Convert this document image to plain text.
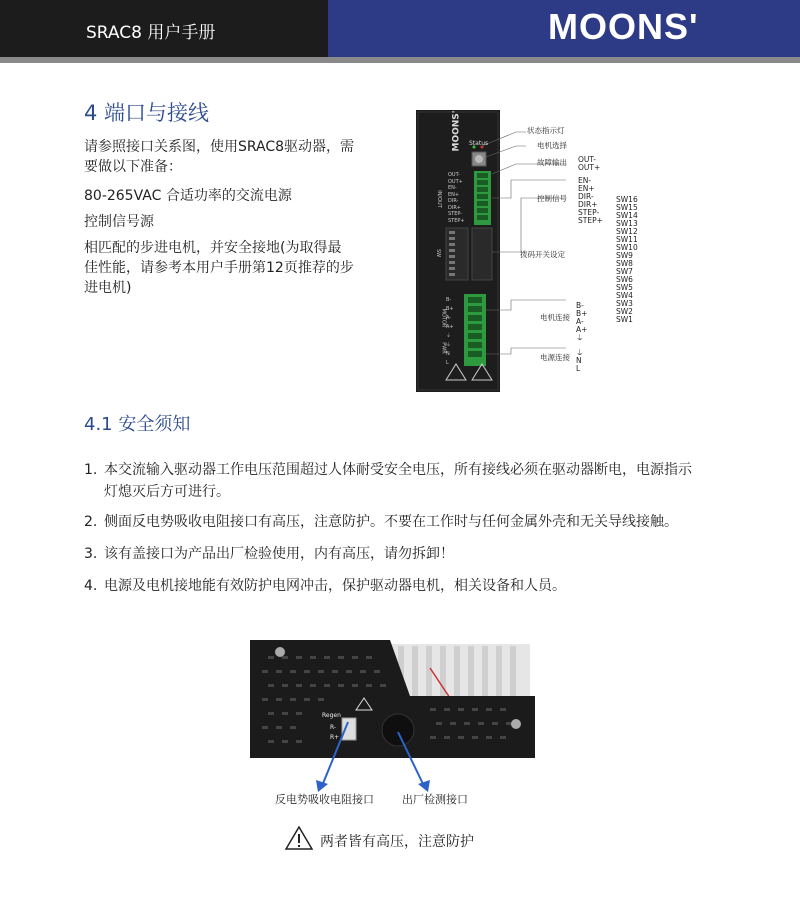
SRAC8 用户手册	MOONS'
4 端口与接线
请参照接口关系图，使用SRAC8驱动器，需
要做以下准备：
80-265VAC 合适功率的交流电源
控制信号源
相匹配的步进电机，并安全接地(为取得最
佳性能，请参考本用户手册第12页推荐的步
进电机)
MOONS' Status
IN/OUT
SW
MOTOR
PWR
OUT-
OUT+
EN-
EN+
DIR-
DIR+
STEP-
STEP+
B-
B+
A-
A+
⏚
⏚
N
L
状态指示灯
电机选择
故障输出 OUT-
OUT+
控制信号
EN-
EN+
DIR-
DIR+
STEP-
STEP+
拨码开关设定
SW16
SW15
SW14
SW13
SW12
SW11
SW10
SW9
SW8
SW7
SW6
SW5
SW4
SW3
SW2
SW1
电机连接
B-
B+
A-
A+
⏚
电源连接
⏚
N
L
4.1 安全须知
1. 本交流输入驱动器工作电压范围超过人体耐受安全电压，所有接线必须在驱动器断电，电源指示
灯熄灭后方可进行。
2. 侧面反电势吸收电阻接口有高压，注意防护。不要在工作时与任何金属外壳和无关导线接触。
3. 该有盖接口为产品出厂检验使用，内有高压，请勿拆卸！
4. 电源及电机接地能有效防护电网冲击，保护驱动器电机，相关设备和人员。
Regen
R-
R+
反电势吸收电阻接口	出厂检测接口
两者皆有高压，注意防护
